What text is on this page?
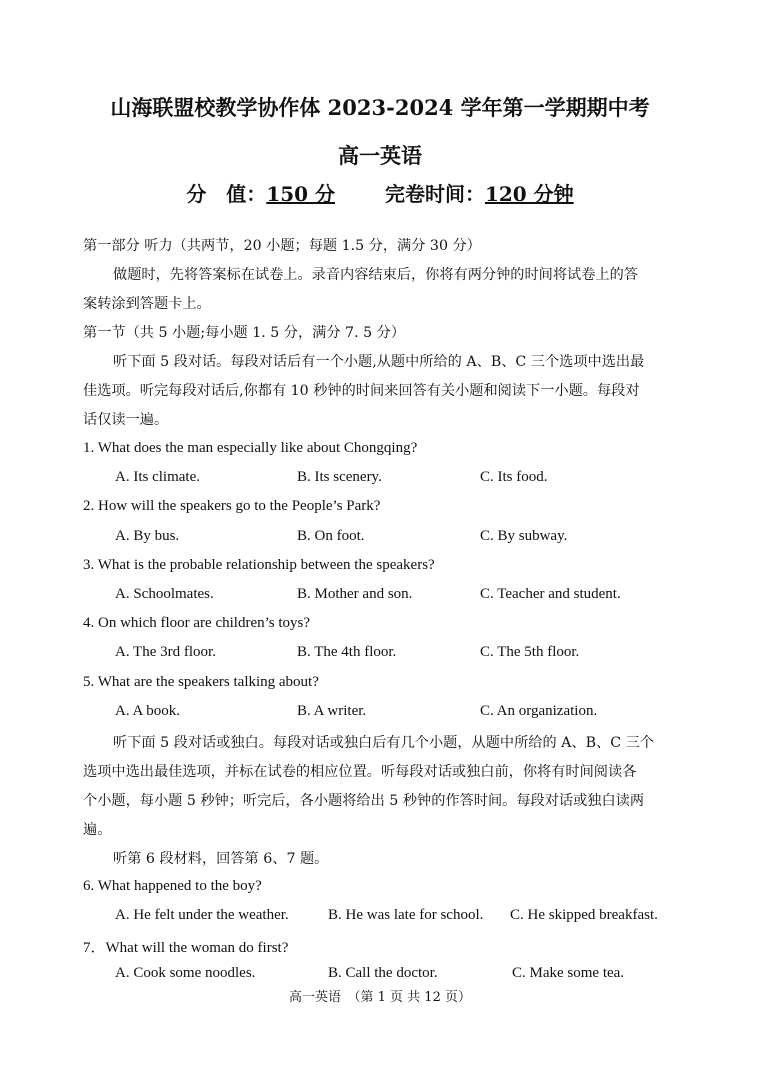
山海联盟校教学协作体 2023-2024 学年第一学期期中考
高一英语
分　值：150 分 完卷时间：120 分钟
第一部分 听力（共两节，20 小题；每题 1.5 分，满分 30 分）
做题时，先将答案标在试卷上。录音内容结束后，你将有两分钟的时间将试卷上的答
案转涂到答题卡上。
第一节（共 5 小题;每小题 1. 5 分，满分 7. 5 分）
听下面 5 段对话。每段对话后有一个小题,从题中所给的 A、B、C 三个选项中选出最
佳选项。听完每段对话后,你都有 10 秒钟的时间来回答有关小题和阅读下一小题。每段对
话仅读一遍。
1. What does the man especially like about Chongqing?
A. Its climate.	B. Its scenery.	C. Its food.
2. How will the speakers go to the People’s Park?
A. By bus.	B. On foot.	C. By subway.
3. What is the probable relationship between the speakers?
A. Schoolmates.	B. Mother and son.	C. Teacher and student.
4. On which floor are children’s toys?
A. The 3rd floor.	B. The 4th floor.	C. The 5th floor.
5. What are the speakers talking about?
A. A book.	B. A writer.	C. An organization.
听下面 5 段对话或独白。每段对话或独白后有几个小题，从题中所给的 A、B、C 三个
选项中选出最佳选项，并标在试卷的相应位置。听每段对话或独白前，你将有时间阅读各
个小题，每小题 5 秒钟；听完后，各小题将给出 5 秒钟的作答时间。每段对话或独白读两
遍。
听第 6 段材料，回答第 6、7 题。
6. What happened to the boy?
A. He felt under the weather.	B. He was late for school. C. He skipped breakfast.
7．What will the woman do first?
A. Cook some noodles.	B. Call the doctor.	C. Make some tea.
高一英语　（第 1 页 共 12 页）
